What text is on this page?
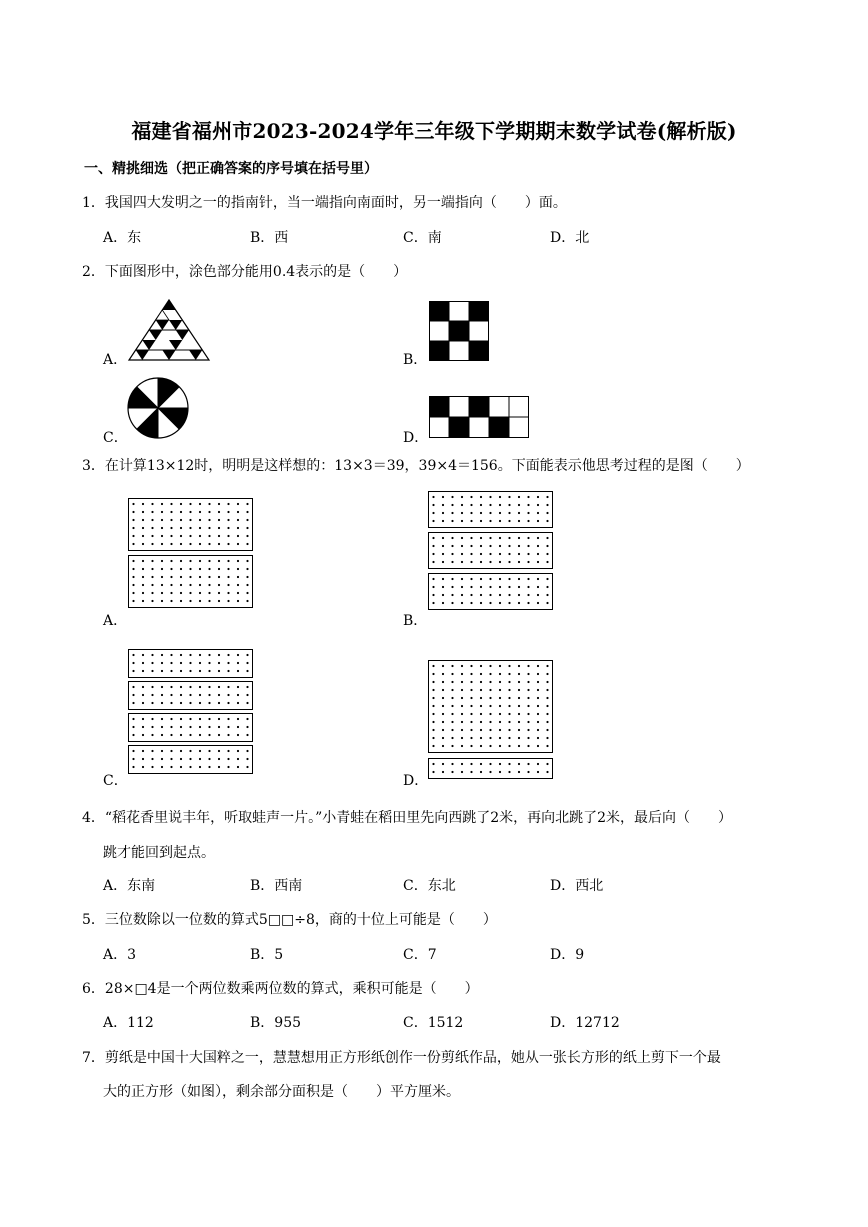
福建省福州市2023-2024学年三年级下学期期末数学试卷(解析版)
一、精挑细选（把正确答案的序号填在括号里）
1．我国四大发明之一的指南针，当一端指向南面时，另一端指向（　　）面。
A．东	B．西	C．南	D．北
2．下面图形中，涂色部分能用0.4表示的是（　　）
A．	B．
C．	D．
3．在计算13×12时，明明是这样想的：13×3＝39，39×4＝156。下面能表示他思考过程的是图（　　）
A．	B．
C．	D．
4．“稻花香里说丰年，听取蛙声一片。”小青蛙在稻田里先向西跳了2米，再向北跳了2米，最后向（　　）
跳才能回到起点。
A．东南	B．西南	C．东北	D．西北
5．三位数除以一位数的算式5□□÷8，商的十位上可能是（　　）
A．3	B．5	C．7	D．9
6．28×□4是一个两位数乘两位数的算式，乘积可能是（　　）
A．112	B．955	C．1512	D．12712
7．剪纸是中国十大国粹之一，慧慧想用正方形纸创作一份剪纸作品，她从一张长方形的纸上剪下一个最
大的正方形（如图），剩余部分面积是（　　）平方厘米。
